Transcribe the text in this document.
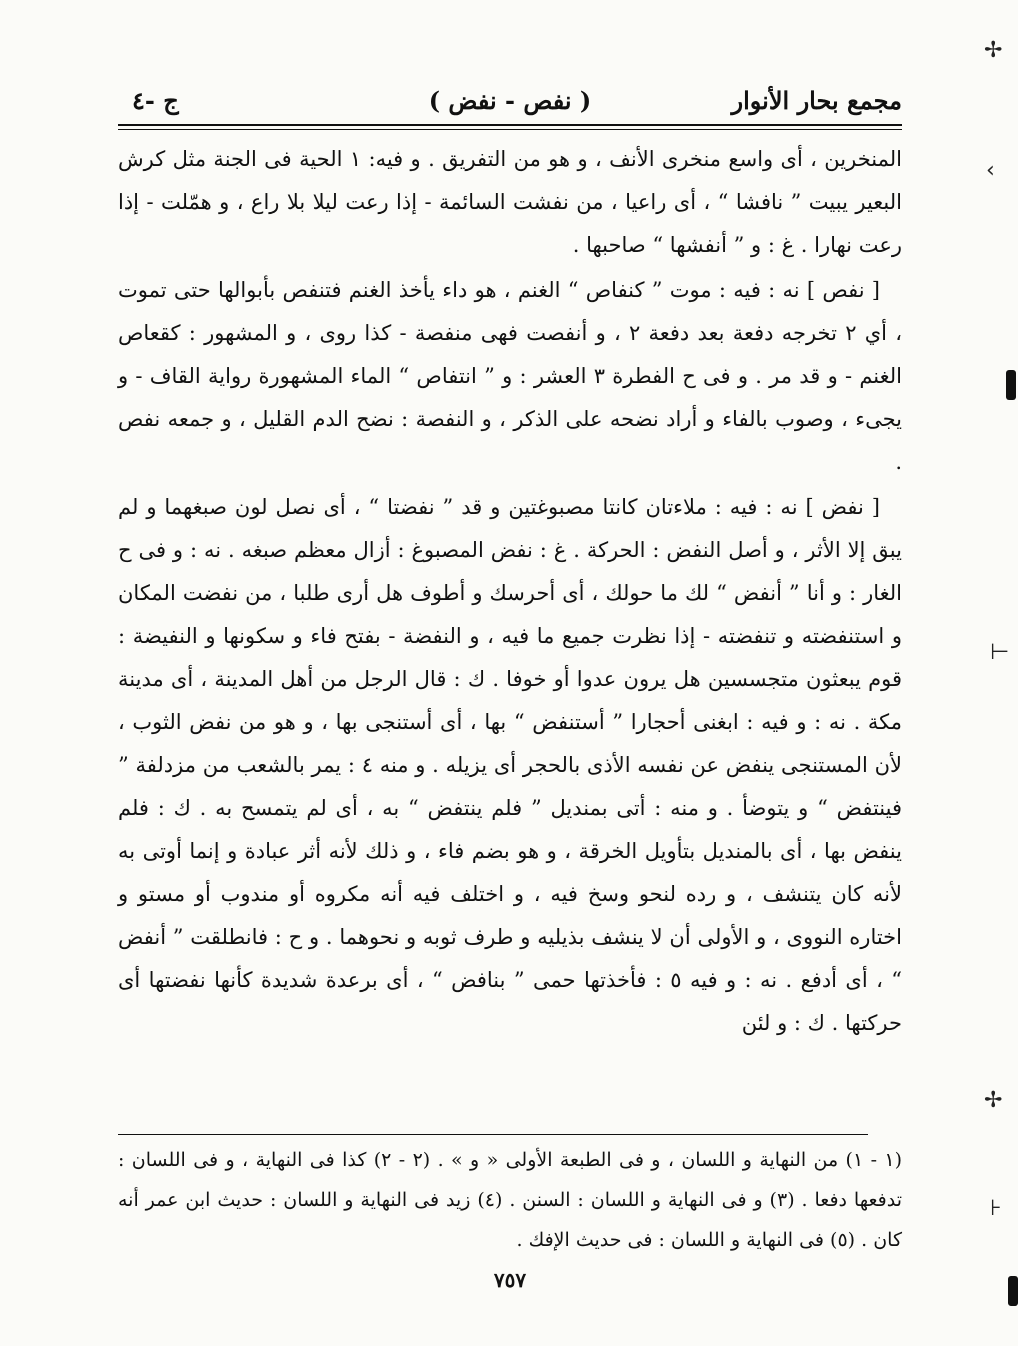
✢
‹
⊢
✢
⊦
مجمع بحار الأنوار
( نفص - نفض )
ج -٤

المنخرين ، أى واسع منخرى الأنف ، و هو من التفريق . و فيه: ١ الحية فى الجنة مثل كرش البعير يبيت ” نافشا “ ، أى راعيا ، من نفشت السائمة - إذا رعت ليلا بلا راع ، و همّلت - إذا رعت نهارا . غ : و ” أنفشها “ صاحبها .

[ نفص ] نه : فيه : موت ” كنفاص “ الغنم ، هو داء يأخذ الغنم فتنفص بأبوالها حتى تموت ، أي ٢ تخرجه دفعة بعد دفعة ٢ ، و أنفصت فهى منفصة - كذا روى ، و المشهور : كقعاص الغنم - و قد مر . و فى ح الفطرة ٣ العشر : و ” انتفاص “ الماء المشهورة رواية القاف - و يجىء ، وصوب بالفاء و أراد نضحه على الذكر ، و النفصة : نضح الدم القليل ، و جمعه نفص .

[ نفض ] نه : فيه : ملاءتان كانتا مصبوغتين و قد ” نفضتا “ ، أى نصل لون صبغهما و لم يبق إلا الأثر ، و أصل النفض : الحركة . غ : نفض المصبوغ : أزال معظم صبغه . نه : و فى ح الغار : و أنا ” أنفض “ لك ما حولك ، أى أحرسك و أطوف هل أرى طلبا ، من نفضت المكان و استنفضته و تنفضته - إذا نظرت جميع ما فيه ، و النفضة - بفتح فاء و سكونها و النفيضة : قوم يبعثون متجسسين هل يرون عدوا أو خوفا . ك : قال الرجل من أهل المدينة ، أى مدينة مكة . نه : و فيه : ابغنى أحجارا ” أستنفض “ بها ، أى أستنجى بها ، و هو من نفض الثوب ، لأن المستنجى ينفض عن نفسه الأذى بالحجر أى يزيله . و منه ٤ : يمر بالشعب من مزدلفة ” فينتفض “ و يتوضأ . و منه : أتى بمنديل ” فلم ينتفض “ به ، أى لم يتمسح به . ك : فلم ينفض بها ، أى بالمنديل بتأويل الخرقة ، و هو بضم فاء ، و ذلك لأنه أثر عبادة و إنما أوتى به لأنه كان يتنشف ، و رده لنحو وسخ فيه ، و اختلف فيه أنه مكروه أو مندوب أو مستو و اختاره النووى ، و الأولى أن لا ينشف بذيليه و طرف ثوبه و نحوهما . و ح : فانطلقت ” أنفض “ ، أى أدفع . نه : و فيه ٥ : فأخذتها حمى ” بنافض “ ، أى برعدة شديدة كأنها نفضتها أى حركتها . ك : و لئن

(١ - ١) من النهاية و اللسان ، و فى الطبعة الأولى « و » . (٢ - ٢) كذا فى النهاية ، و فى اللسان : تدفعها دفعا . (٣) و فى النهاية و اللسان : السنن . (٤) زيد فى النهاية و اللسان : حديث ابن عمر أنه كان . (٥) فى النهاية و اللسان : فى حديث الإفك .

٧٥٧
